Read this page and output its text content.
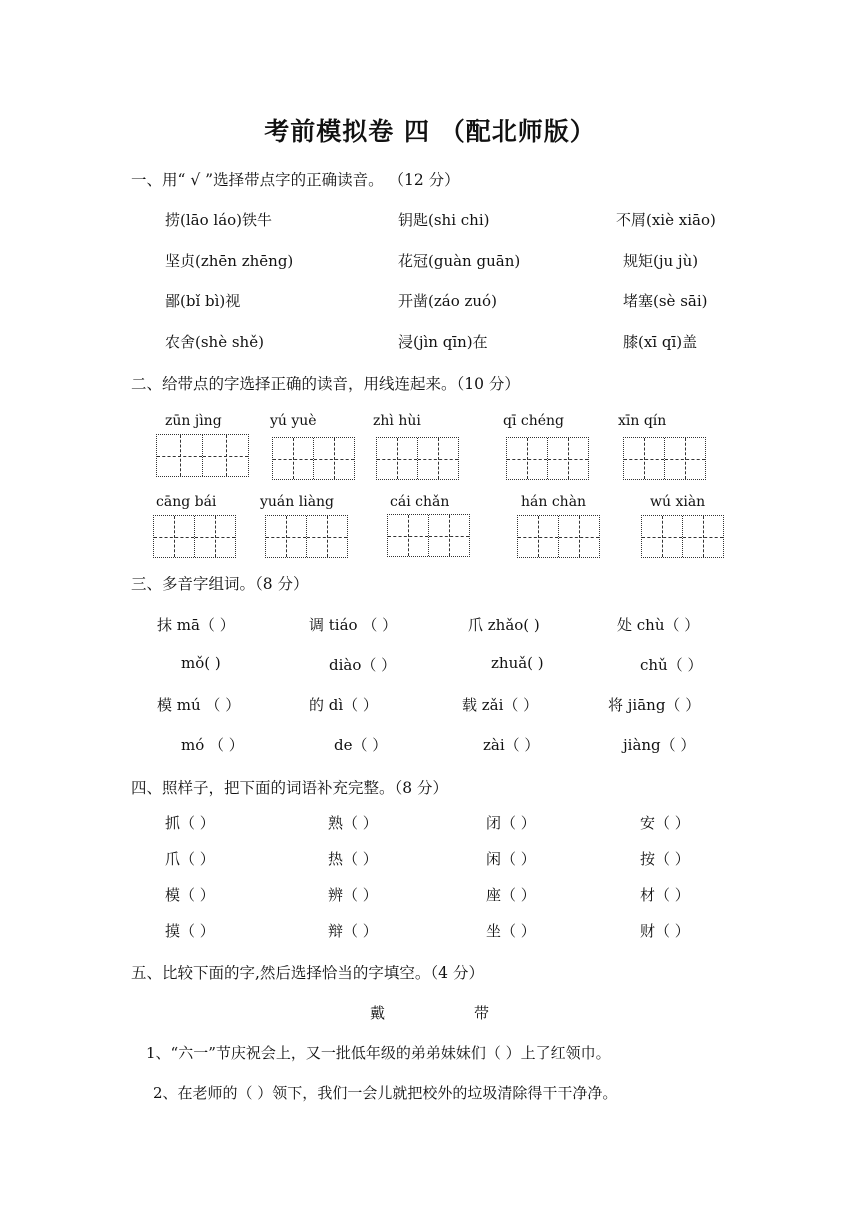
考前模拟卷 四 （配北师版）
一、用“ √ ”选择带点字的正确读音。 （12 分）
捞(lāo láo)铁牛	钥匙(shi chi)	不屑(xiè xiāo)
坚贞(zhēn zhēng)	花冠(guàn guān)	规矩(ju jù)
鄙(bǐ bì)视	开凿(záo zuó)	堵塞(sè sāi)
农舍(shè shě)	浸(jìn qīn)在	膝(xī qī)盖
二、给带点的字选择正确的读音，用线连起来。（10 分）
zūn jìng	yú yuè	zhì hùi	qī chéng	xīn qín
cāng bái	yuán liàng	cái chǎn	hán chàn	wú xiàn
三、多音字组词。（8 分）
抹 mā（ ）	调 tiáo （ ）	爪 zhǎo( )	处 chù（ ）
mǒ( )	diào（ ）	zhuǎ( )	chǔ（ ）
模 mú （ ）	的 dì（ ）	载 zǎi（ ）	将 jiāng（ ）
mó （ ）	de（ ）	zài（ ）	jiàng（ ）
四、照样子，把下面的词语补充完整。（8 分）
抓（ ）	熟（ ）	闭（ ）	安（ ）
爪（ ）	热（ ）	闲（ ）	按（ ）
模（ ）	辨（ ）	座（ ）	材（ ）
摸（ ）	辩（ ）	坐（ ）	财（ ）
五、比较下面的字,然后选择恰当的字填空。（4 分）
戴	带
1、“六一”节庆祝会上，又一批低年级的弟弟妹妹们（ ）上了红领巾。
2、在老师的（ ）领下，我们一会儿就把校外的垃圾清除得干干净净。
